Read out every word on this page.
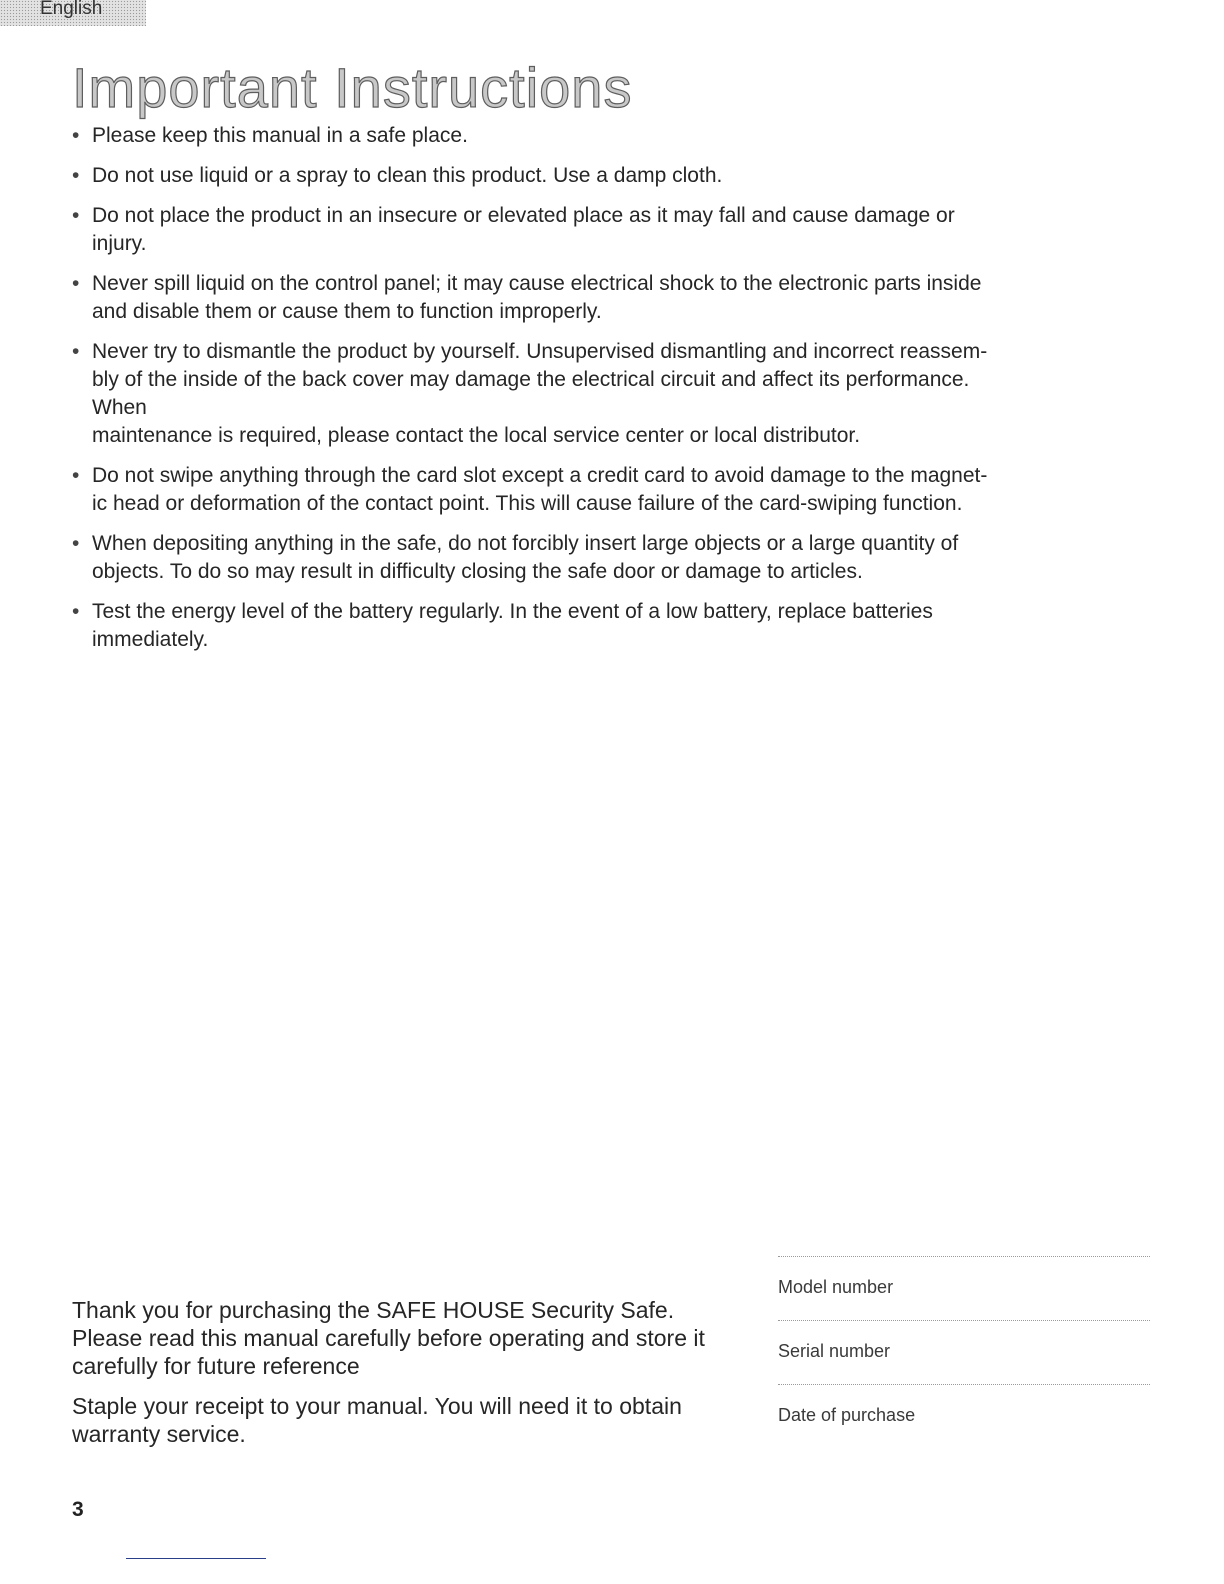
English
Important Instructions
• Please keep this manual in a safe place.
• Do not use liquid or a spray to clean this product. Use a damp cloth.
• Do not place the product in an insecure or elevated place as it may fall and cause damage or
injury.
• Never spill liquid on the control panel; it may cause electrical shock to the electronic parts inside
and disable them or cause them to function improperly.
• Never try to dismantle the product by yourself. Unsupervised dismantling and incorrect reassem-
bly of the inside of the back cover may damage the electrical circuit and affect its performance.
When
maintenance is required, please contact the local service center or local distributor.
• Do not swipe anything through the card slot except a credit card to avoid damage to the magnet-
ic head or deformation of the contact point. This will cause failure of the card-swiping function.
• When depositing anything in the safe, do not forcibly insert large objects or a large quantity of
objects. To do so may result in difficulty closing the safe door or damage to articles.
• Test the energy level of the battery regularly. In the event of a low battery, replace batteries
immediately.

Thank you for purchasing the SAFE HOUSE Security Safe.
Please read this manual carefully before operating and store it
carefully for future reference

Staple your receipt to your manual. You will need it to obtain
warranty service.

Model number
Serial number
Date of purchase
3
